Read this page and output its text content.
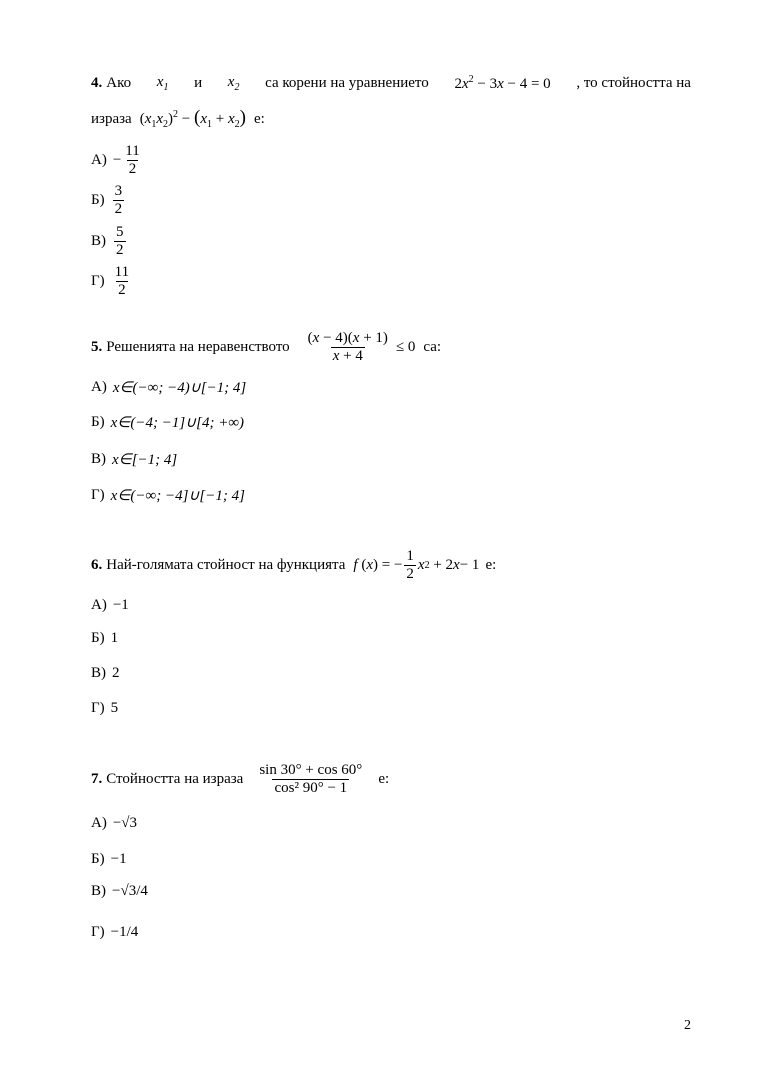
4. Ако $x_1$ и $x_2$ са корени на уравнението $2x^2 - 3x - 4 = 0$ , то стойността на
израза $(x_1x_2)^2 - (x_1 + x_2)$ е:
$А) - \frac{11}{2}$
$Б) \frac{3}{2}$
$В) \frac{5}{2}$
$Г) \frac{11}{2}$
5. Решенията на неравенството $\frac{(x - 4)(x + 1)}{x + 4} \le 0$ са:
А) x∈(−∞; −4)∪[−1; 4]
Б) x∈(−4; −1]∪[4; +∞)
В) x∈[−1; 4]
Г) x∈(−∞; −4]∪[−1; 4]
6. Най-голямата стойност на функцията f ( x ) = − $\frac{1}{2}$ x 2 + 2 x − 1 е:
А) −1
Б) 1
В) 2
Г) 5
7. Стойността на израза $\frac{\sin 30^\circ + \cos 60^\circ}{\text{cos² 90° − 1}} е$:
А) −√3
Б) −1
В) −√3/4
Г) −1/4
2
